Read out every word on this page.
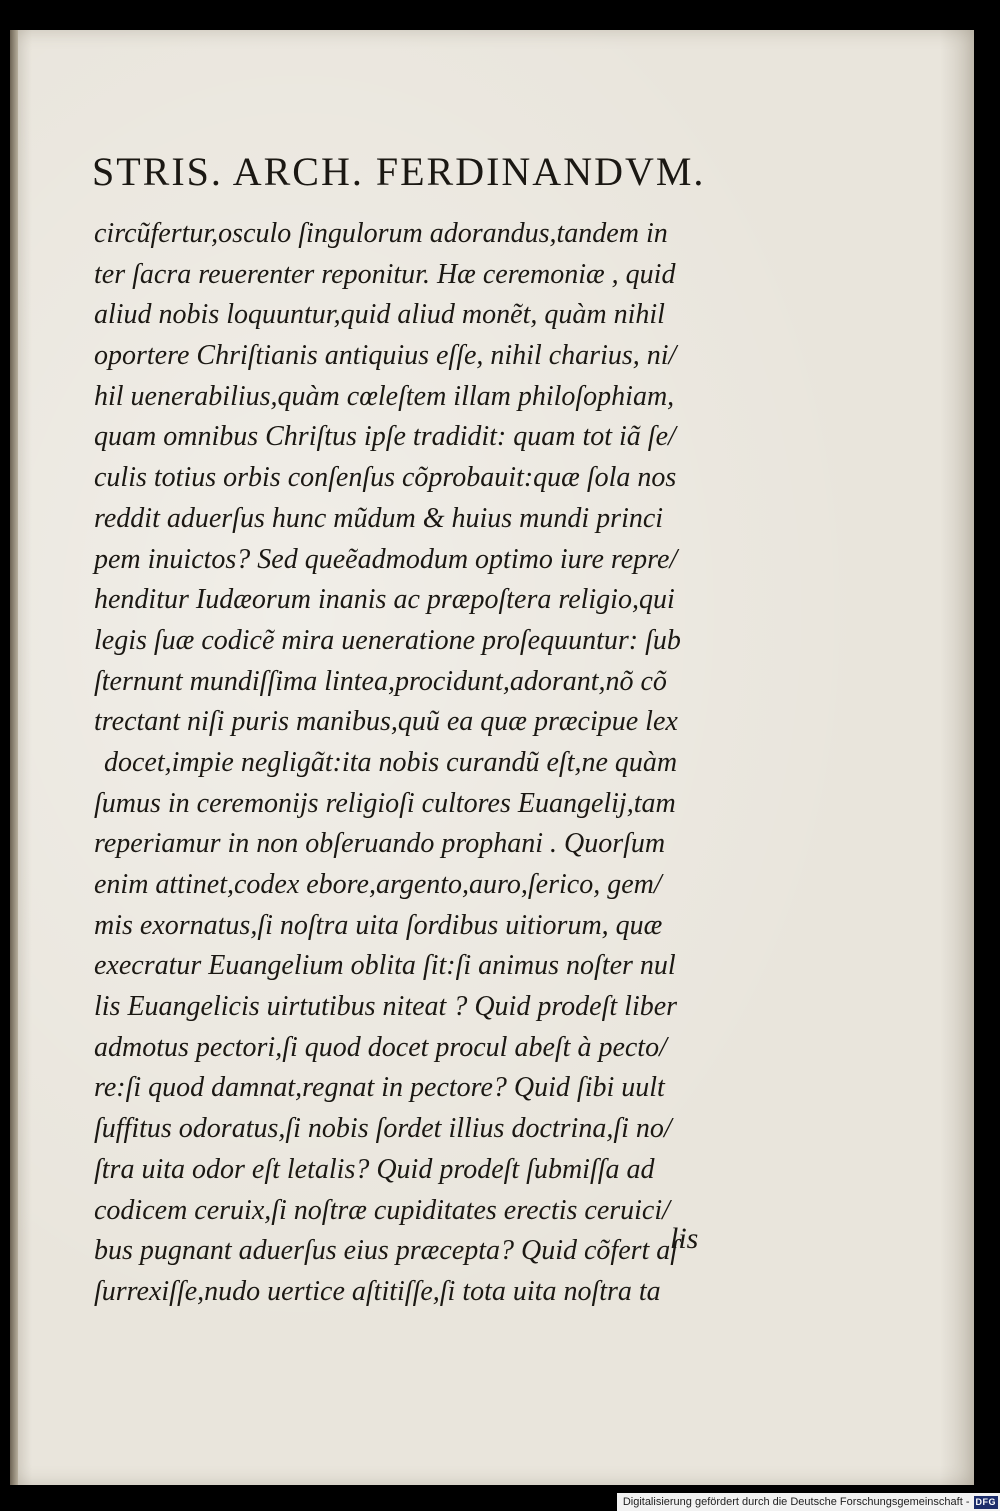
STRIS. ARCH. FERDINANDVM.
circũfertur,osculo ſingulorum adorandus,tandem in
ter ſacra reuerenter reponitur. Hæ ceremoniæ , quid
aliud nobis loquuntur,quid aliud monẽt, quàm nihil
oportere Chriſtianis antiquius eſſe, nihil charius, ni/
hil uenerabilius,quàm cœleſtem illam philoſophiam,
quam omnibus Chriſtus ipſe tradidit: quam tot iã ſe/
culis totius orbis conſenſus cõprobauit:quæ ſola nos
reddit aduerſus hunc mũdum & huius mundi princi
pem inuictos? Sed queẽadmodum optimo iure repre/
henditur Iudæorum inanis ac præpoſtera religio,qui
legis ſuæ codicẽ mira ueneratione proſequuntur: ſub
ſternunt mundiſſima lintea,procidunt,adorant,nõ cõ
trectant niſi puris manibus,quũ ea quæ præcipue lex
docet,impie negligãt:ita nobis curandũ eſt,ne quàm
ſumus in ceremonijs religioſi cultores Euangelij,tam
reperiamur in non obſeruando prophani . Quorſum
enim attinet,codex ebore,argento,auro,ſerico, gem/
mis exornatus,ſi noſtra uita ſordibus uitiorum, quæ
execratur Euangelium oblita ſit:ſi animus noſter nul
lis Euangelicis uirtutibus niteat ? Quid prodeſt liber
admotus pectori,ſi quod docet procul abeſt à pecto/
re:ſi quod damnat,regnat in pectore? Quid ſibi uult
ſuffitus odoratus,ſi nobis ſordet illius doctrina,ſi no/
ſtra uita odor eſt letalis? Quid prodeſt ſubmiſſa ad
codicem ceruix,ſi noſtræ cupiditates erectis ceruici/
bus pugnant aduerſus eius præcepta? Quid cõfert aſ
ſurrexiſſe,nudo uertice aſtitiſſe,ſi tota uita noſtra ta
lis
Digitalisierung gefördert durch die Deutsche Forschungsgemeinschaft - DFG
